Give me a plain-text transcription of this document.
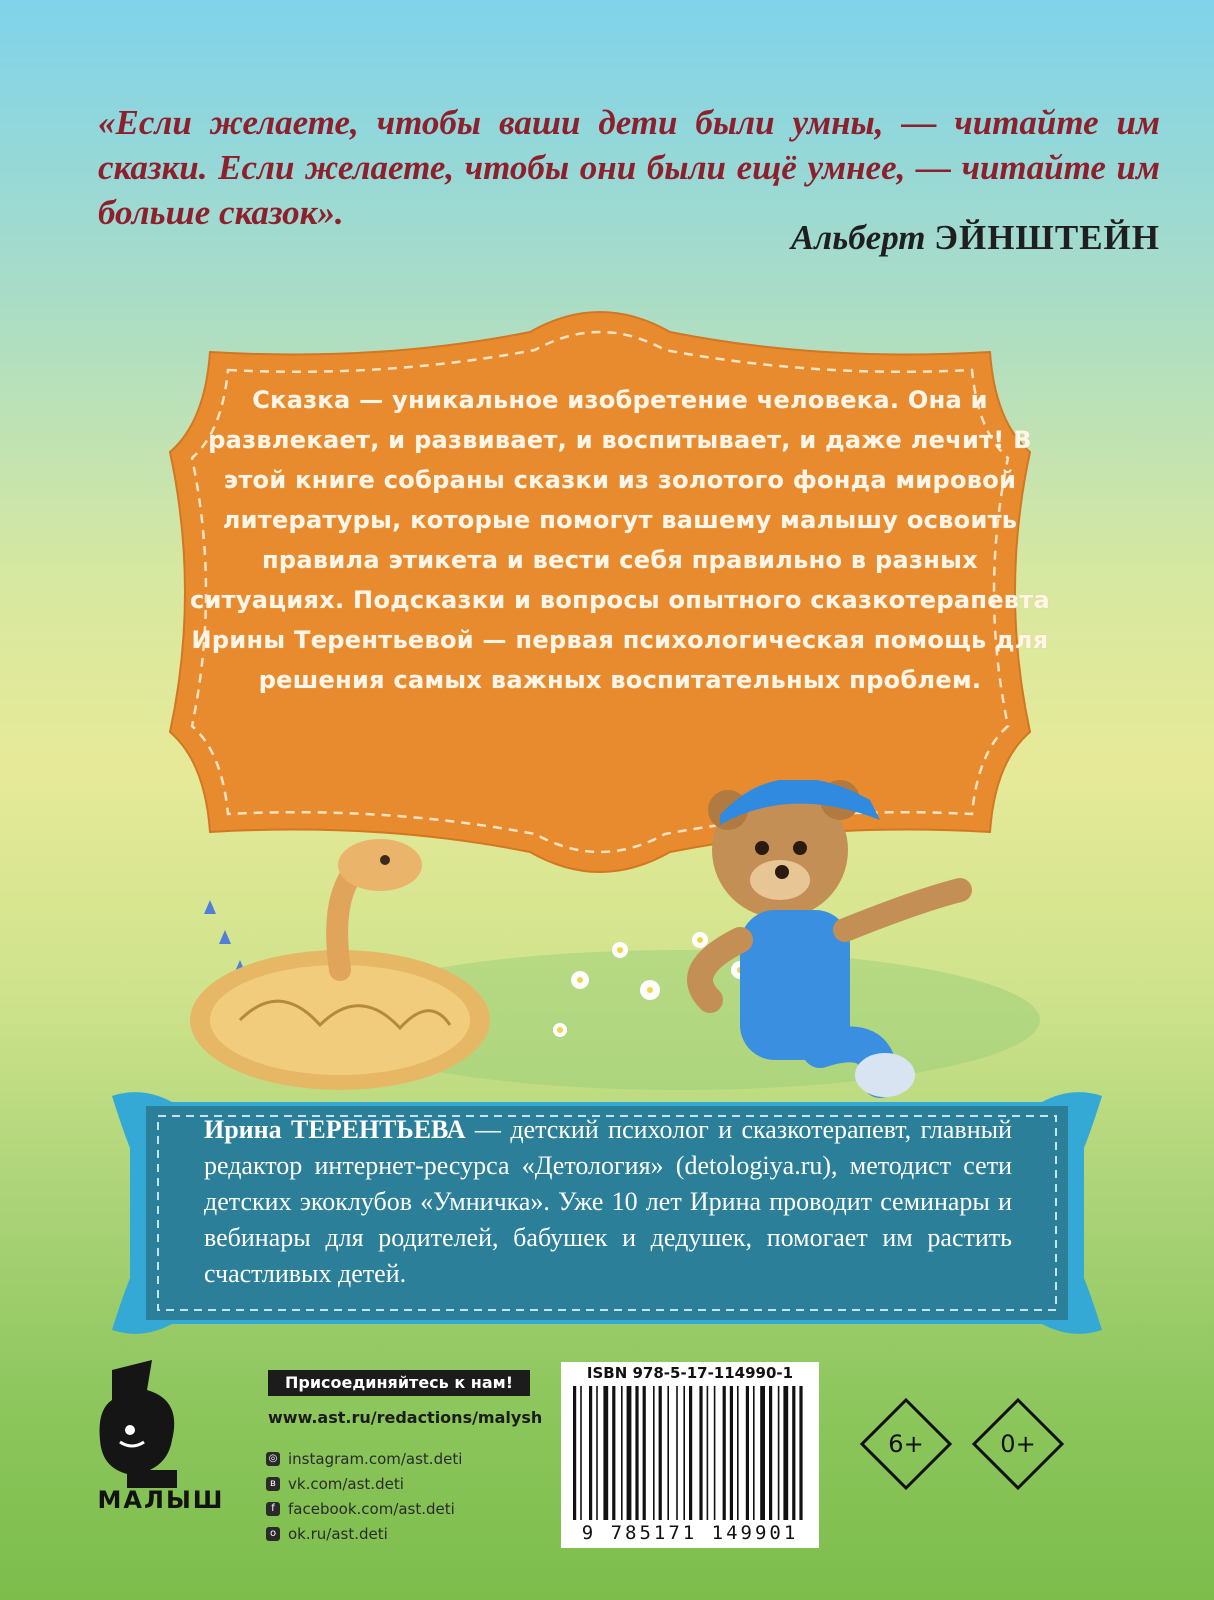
«Если желаете, чтобы ваши дети были умны, — читайте им сказки. Если желаете, чтобы они были ещё умнее, — читайте им больше сказок».
Альберт ЭЙНШТЕЙН
Сказка — уникальное изобретение человека. Она и развлекает, и развивает, и воспитывает, и даже лечит! В этой книге собраны сказки из золотого фонда мировой литературы, которые помогут вашему малышу освоить правила этикета и вести себя правильно в разных ситуациях. Подсказки и вопросы опытного сказкотерапевта Ирины Терентьевой — первая психологическая помощь для решения самых важных воспитательных проблем.
Ирина ТЕРЕНТЬЕВА — детский психолог и сказкотерапевт, главный редактор интернет-ресурса «Детология» (detologiya.ru), методист сети детских экоклубов «Умничка». Уже 10 лет Ирина проводит семинары и вебинары для родителей, бабушек и дедушек, помогает им растить счастливых детей.
МАЛЫШ
Присоединяйтесь к нам!
www.ast.ru/redactions/malysh
◎ instagram.com/ast.deti
в vk.com/ast.deti
f facebook.com/ast.deti
о ok.ru/ast.deti
ISBN 978-5-17-114990-1
9 785171 149901
6+	0+
